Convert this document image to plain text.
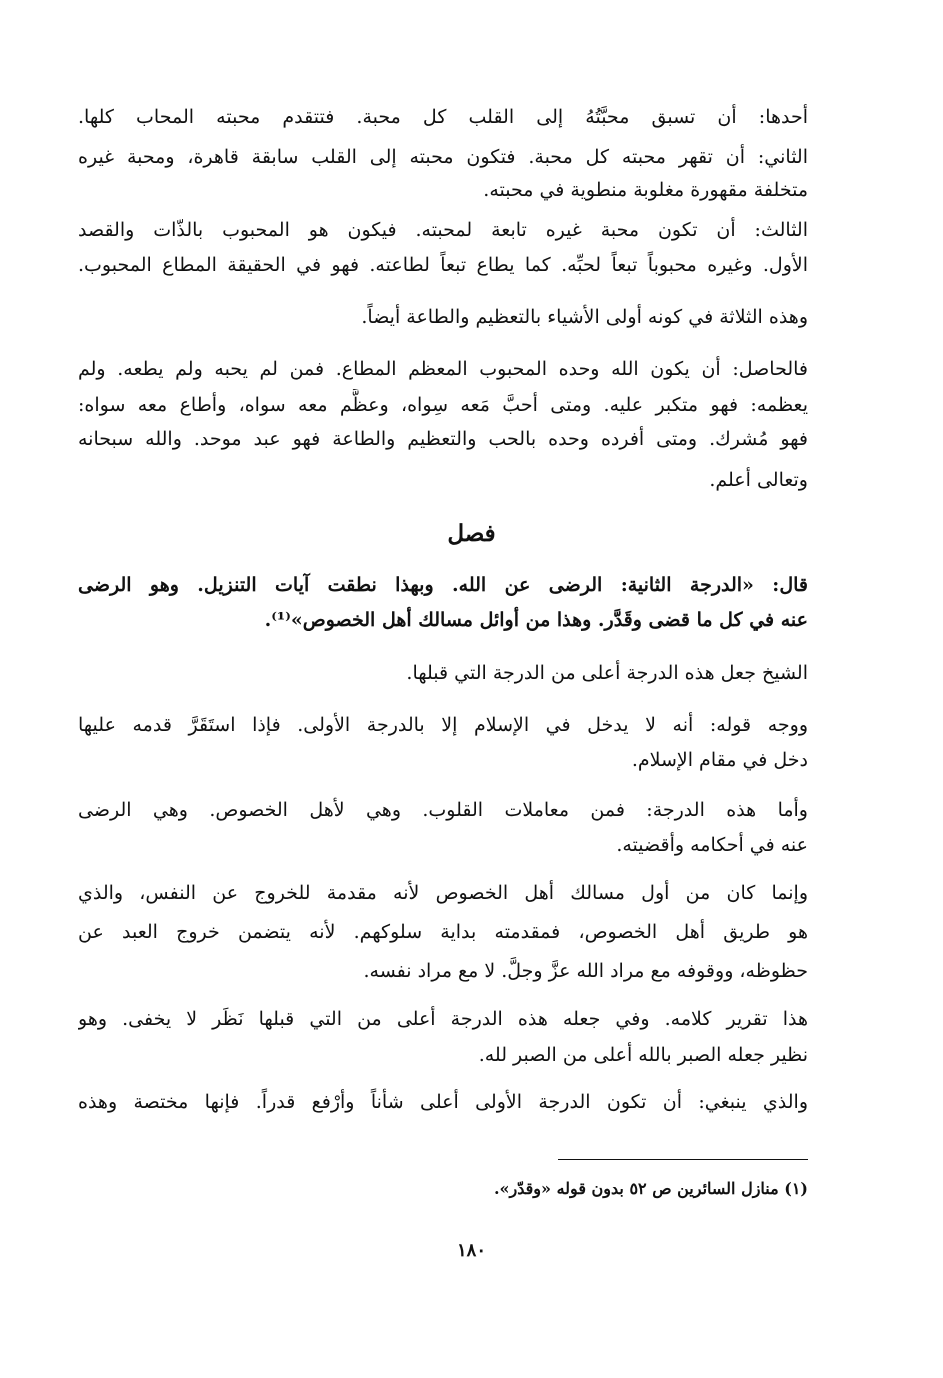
أحدها: أن تسبق محبَّتُهُ إلى القلب كل محبة. فتتقدم محبته المحاب كلها.
الثاني: أن تقهر محبته كل محبة. فتكون محبته إلى القلب سابقة قاهرة، ومحبة غيره
متخلفة مقهورة مغلوبة منطوية في محبته.
الثالث: أن تكون محبة غيره تابعة لمحبته. فيكون هو المحبوب بالذّات والقصد
الأول. وغيره محبوباً تبعاً لحبِّه. كما يطاع تبعاً لطاعته. فهو في الحقيقة المطاع المحبوب.
وهذه الثلاثة في كونه أولى الأشياء بالتعظيم والطاعة أيضاً.
فالحاصل: أن يكون الله وحده المحبوب المعظم المطاع. فمن لم يحبه ولم يطعه. ولم
يعظمه: فهو متكبر عليه. ومتى أحبَّ مَعه سِواه، وعظَّم معه سواه، وأطاع معه سواه:
فهو مُشرك. ومتى أفرده وحده بالحب والتعظيم والطاعة فهو عبد موحد. والله سبحانه
وتعالى أعلم.
فصل
قال: «الدرجة الثانية: الرضى عن الله. وبهذا نطقت آيات التنزيل. وهو الرضى
عنه في كل ما قضى وقَدَّر. وهذا من أوائل مسالك أهل الخصوص»⁽¹⁾.
الشيخ جعل هذه الدرجة أعلى من الدرجة التي قبلها.
ووجه قوله: أنه لا يدخل في الإسلام إلا بالدرجة الأولى. فإذا استَقَرَّ قدمه عليها
دخل في مقام الإسلام.
وأما هذه الدرجة: فمن معاملات القلوب. وهي لأهل الخصوص. وهي الرضى
عنه في أحكامه وأقضيته.
وإنما كان من أول مسالك أهل الخصوص لأنه مقدمة للخروج عن النفس، والذي
هو طريق أهل الخصوص، فمقدمته بداية سلوكهم. لأنه يتضمن خروج العبد عن
حظوظه، ووقوفه مع مراد الله عزَّ وجلَّ. لا مع مراد نفسه.
هذا تقرير كلامه. وفي جعله هذه الدرجة أعلى من التي قبلها نَظَر لا يخفى. وهو
نظير جعله الصبر بالله أعلى من الصبر لله.
والذي ينبغي: أن تكون الدرجة الأولى أعلى شأناً وأرْفع قدراً. فإنها مختصة وهذه
(١) منازل السائرين ص ٥٢ بدون قوله «وقدّر».
١٨٠
